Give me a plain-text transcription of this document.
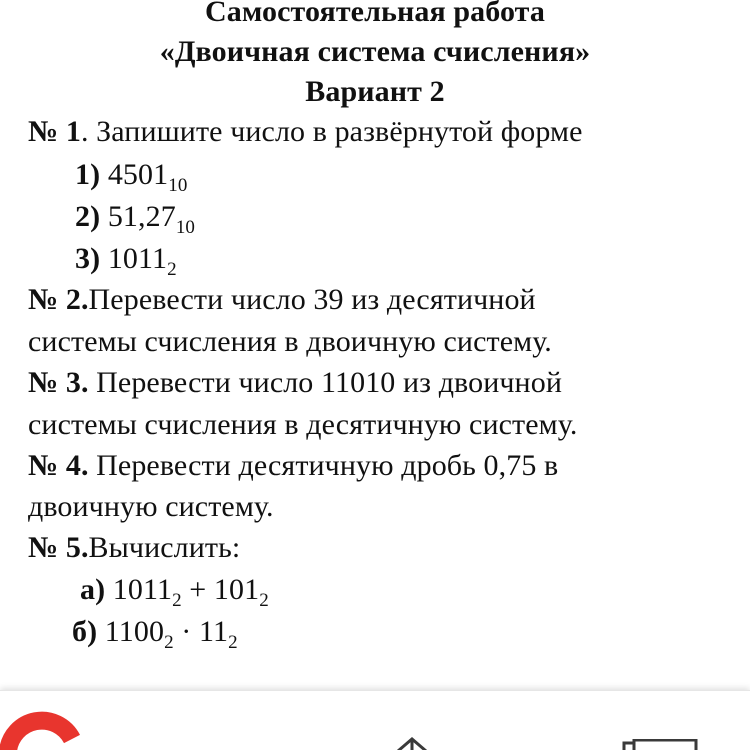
Самостоятельная работа
«Двоичная система счисления»
Вариант 2
№ 1. Запишите число в развёрнутой форме
1) $4501_{10}$
2) $51,27_{10}$
3) $1011_2$
№ 2.Перевести число 39 из десятичной
системы счисления в двоичную систему.
№ 3. Перевести число 11010 из двоичной
системы счисления в десятичную систему.
№ 4. Перевести десятичную дробь 0,75 в
двоичную систему.
№ 5.Вычислить:
а) $1011_2 + 101_2$
б) $1100_2 \cdot 11_2$
